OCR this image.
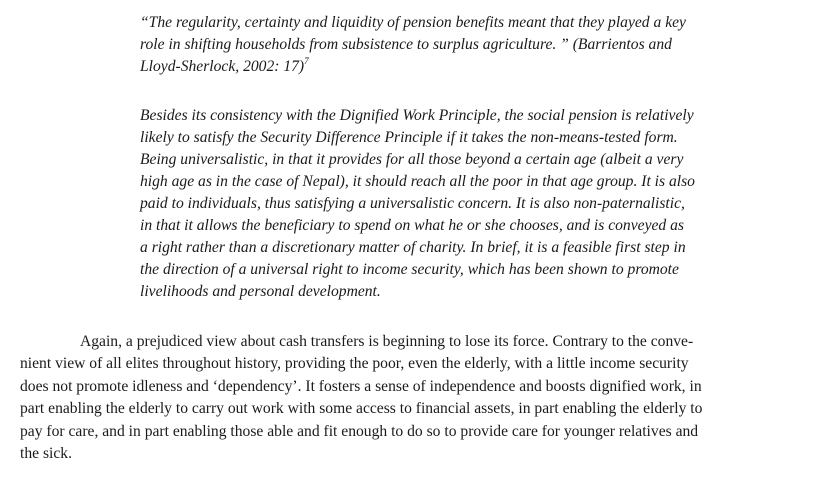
“The regularity, certainty and liquidity of pension benefits meant that they played a key
role in shifting households from subsistence to surplus agriculture. ” (Barrientos and
Lloyd-Sherlock, 2002: 17)$^7$
Besides its consistency with the Dignified Work Principle, the social pension is relatively
likely to satisfy the Security Difference Principle if it takes the non-means-tested form.
Being universalistic, in that it provides for all those beyond a certain age (albeit a very
high age as in the case of Nepal), it should reach all the poor in that age group. It is also
paid to individuals, thus satisfying a universalistic concern. It is also non-paternalistic,
in that it allows the beneficiary to spend on what he or she chooses, and is conveyed as
a right rather than a discretionary matter of charity. In brief, it is a feasible first step in
the direction of a universal right to income security, which has been shown to promote
livelihoods and personal development.
Again, a prejudiced view about cash transfers is beginning to lose its force. Contrary to the conve-
nient view of all elites throughout history, providing the poor, even the elderly, with a little income security
does not promote idleness and ‘dependency’. It fosters a sense of independence and boosts dignified work, in
part enabling the elderly to carry out work with some access to financial assets, in part enabling the elderly to
pay for care, and in part enabling those able and fit enough to do so to provide care for younger relatives and
the sick.
